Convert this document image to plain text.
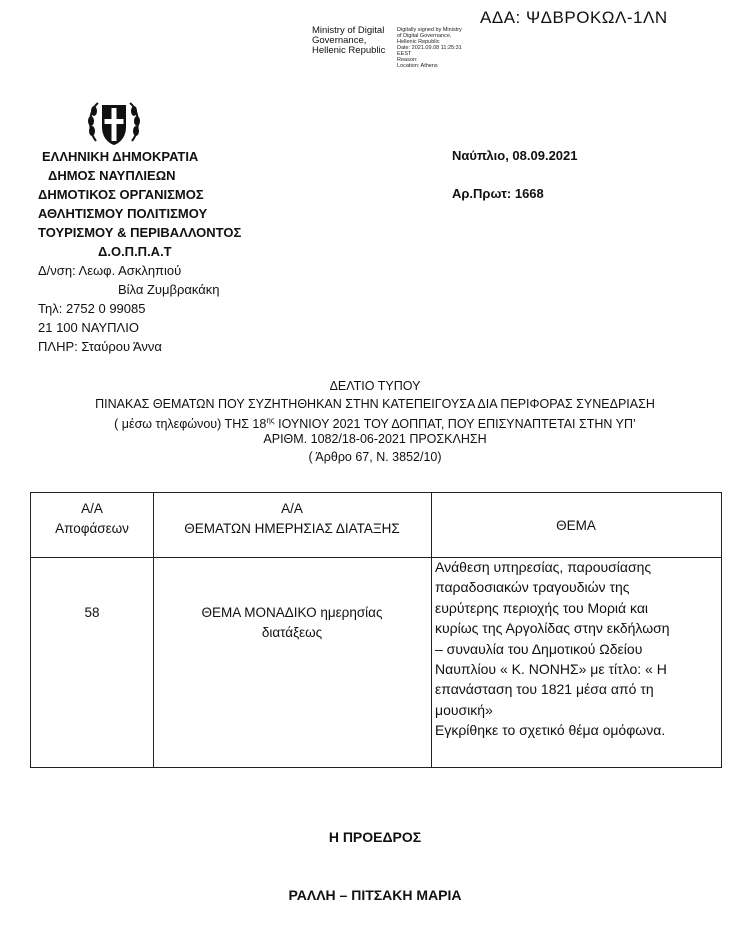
ΑΔΑ: ΨΔΒΡΟΚΩΛ-1ΛΝ
Ministry of Digital
Governance,
Hellenic Republic
Digitally signed by Ministry
of Digital Governance,
Hellenic Republic
Date: 2021.09.08 11:25:31
EEST
Reason:
Location: Athens
ΕΛΛΗΝΙΚΗ ΔΗΜΟΚΡΑΤΙΑ
ΔΗΜΟΣ ΝΑΥΠΛΙΕΩΝ
ΔΗΜΟΤΙΚΟΣ ΟΡΓΑΝΙΣΜΟΣ
ΑΘΛΗΤΙΣΜΟΥ ΠΟΛΙΤΙΣΜΟΥ
ΤΟΥΡΙΣΜΟΥ & ΠΕΡΙΒΑΛΛΟΝΤΟΣ
Δ.Ο.Π.Π.Α.Τ
Δ/νση: Λεωφ. Ασκληπιού
Βίλα Ζυμβρακάκη
Τηλ: 2752 0 99085
21 100 ΝΑΥΠΛΙΟ
ΠΛΗΡ: Σταύρου Άννα
Ναύπλιο, 08.09.2021
Αρ.Πρωτ: 1668
ΔΕΛΤΙΟ ΤΥΠΟΥ
ΠΙΝΑΚΑΣ ΘΕΜΑΤΩΝ ΠΟΥ ΣΥΖΗΤΗΘΗΚΑΝ ΣΤΗΝ ΚΑΤΕΠΕΙΓΟΥΣΑ ΔΙΑ ΠΕΡΙΦΟΡΑΣ ΣΥΝΕΔΡΙΑΣΗ
( μέσω τηλεφώνου) ΤΗΣ $18^{\eta\varsigma}$ ΙΟΥΝΙΟΥ 2021 ΤΟΥ ΔΟΠΠΑΤ, ΠΟΥ ΕΠΙΣΥΝΑΠΤΕΤΑΙ ΣΤΗΝ ΥΠ’
ΑΡΙΘΜ. 1082/18-06-2021 ΠΡΟΣΚΛΗΣΗ
( Άρθρο 67, Ν. 3852/10)
Α/Α
Αποφάσεων
Α/Α
ΘΕΜΑΤΩΝ ΗΜΕΡΗΣΙΑΣ ΔΙΑΤΑΞΗΣ	ΘΕΜΑ
58	ΘΕΜΑ ΜΟΝΑΔΙΚΟ ημερησίας
διατάξεως
Ανάθεση υπηρεσίας, παρουσίασης
παραδοσιακών τραγουδιών της
ευρύτερης περιοχής του Μοριά και
κυρίως της Αργολίδας στην εκδήλωση
– συναυλία του Δημοτικού Ωδείου
Ναυπλίου « Κ. ΝΟΝΗΣ» με τίτλο: « Η
επανάσταση του 1821 μέσα από τη
μουσική»
Εγκρίθηκε το σχετικό θέμα ομόφωνα.
Η ΠΡΟΕΔΡΟΣ
ΡΑΛΛΗ – ΠΙΤΣΑΚΗ ΜΑΡΙΑ
